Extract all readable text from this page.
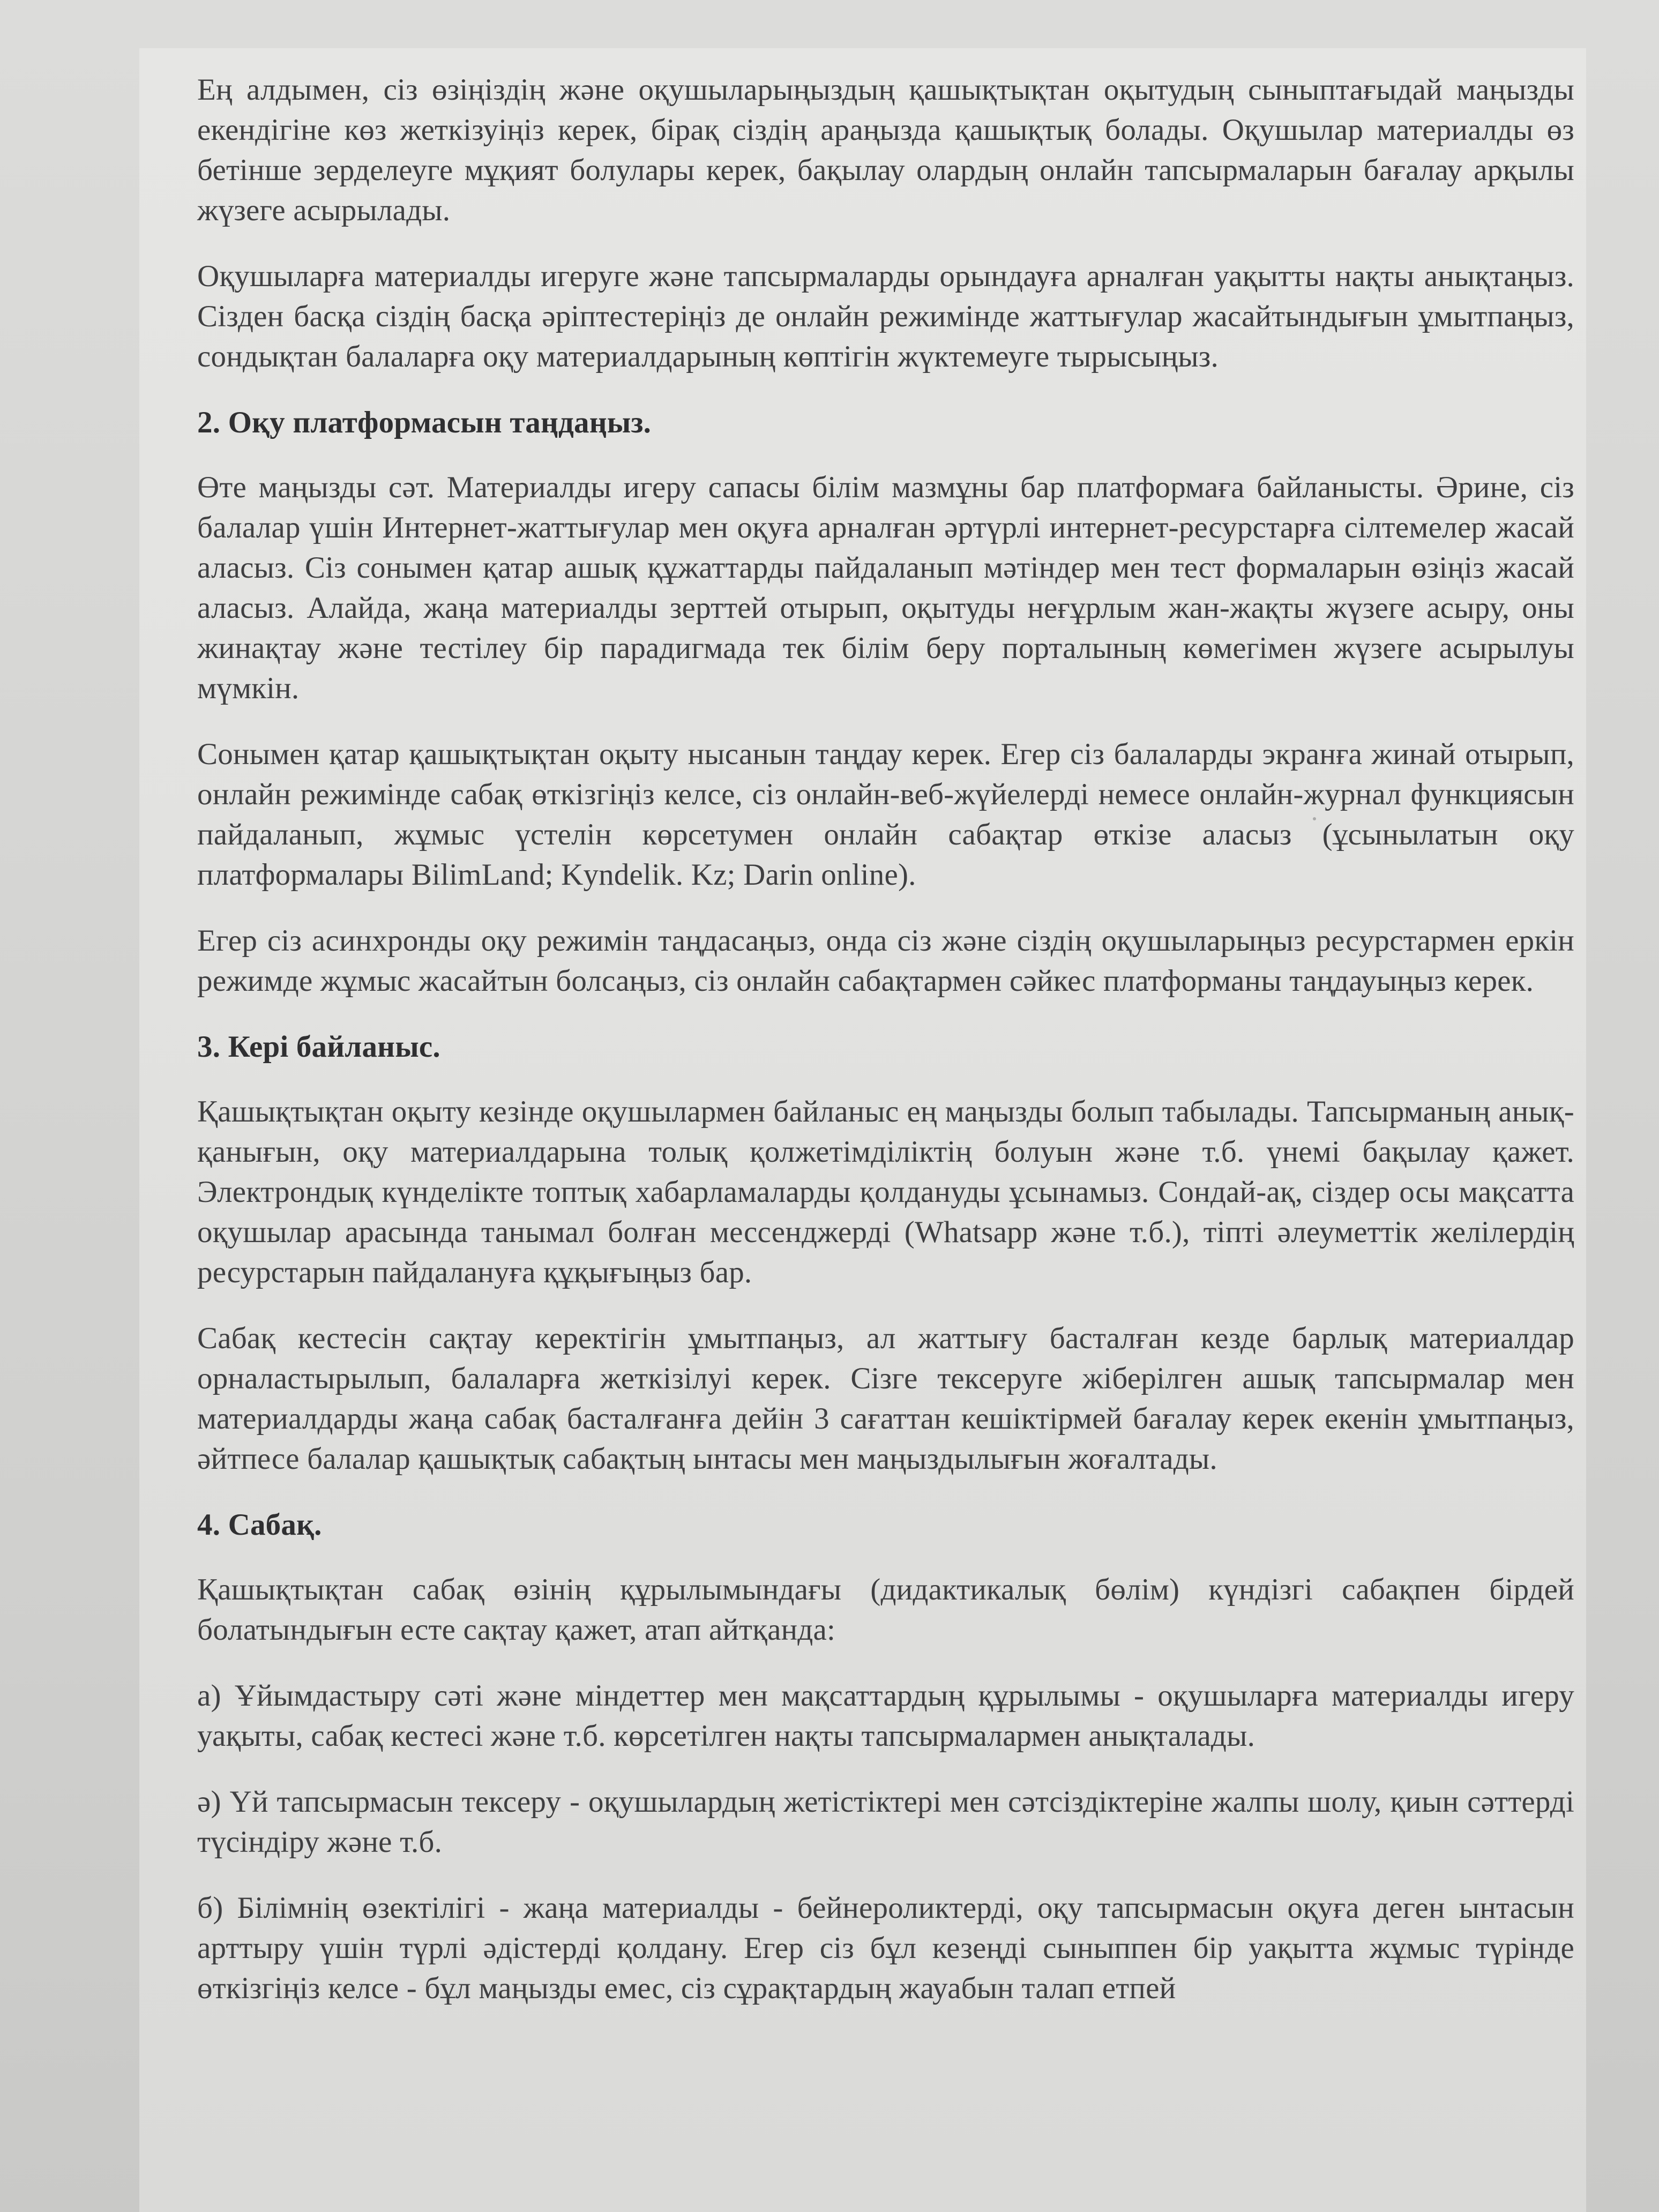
Ең алдымен, сіз өзіңіздің және оқушыларыңыздың қашықтықтан оқытудың сыныптағыдай маңызды екендігіне көз жеткізуіңіз керек, бірақ сіздің араңызда қашықтық болады. Оқушылар материалды өз бетінше зерделеуге мұқият болулары керек, бақылау олардың онлайн тапсырмаларын бағалау арқылы жүзеге асырылады.

Оқушыларға материалды игеруге және тапсырмаларды орындауға арналған уақытты нақты анықтаңыз. Сізден басқа сіздің басқа әріптестеріңіз де онлайн режимінде жаттығулар жасайтындығын ұмытпаңыз, сондықтан балаларға оқу материалдарының көптігін жүктемеуге тырысыңыз.

2. Оқу платформасын таңдаңыз.

Өте маңызды сәт. Материалды игеру сапасы білім мазмұны бар платформаға байланысты. Әрине, сіз балалар үшін Интернет-жаттығулар мен оқуға арналған әртүрлі интернет-ресурстарға сілтемелер жасай аласыз. Сіз сонымен қатар ашық құжаттарды пайдаланып мәтіндер мен тест формаларын өзіңіз жасай аласыз. Алайда, жаңа материалды зерттей отырып, оқытуды неғұрлым жан-жақты жүзеге асыру, оны жинақтау және тестілеу бір парадигмада тек білім беру порталының көмегімен жүзеге асырылуы мүмкін.

Сонымен қатар қашықтықтан оқыту нысанын таңдау керек. Егер сіз балаларды экранға жинай отырып, онлайн режимінде сабақ өткізгіңіз келсе, сіз онлайн-веб-жүйелерді немесе онлайн-журнал функциясын пайдаланып, жұмыс үстелін көрсетумен онлайн сабақтар өткізе аласыз (ұсынылатын оқу платформалары BilimLand; Kyndelik. Kz; Darin online).

Егер сіз асинхронды оқу режимін таңдасаңыз, онда сіз және сіздің оқушыларыңыз ресурстармен еркін режимде жұмыс жасайтын болсаңыз, сіз онлайн сабақтармен сәйкес платформаны таңдауыңыз керек.

3. Кері байланыс.

Қашықтықтан оқыту кезінде оқушылармен байланыс ең маңызды болып табылады. Тапсырманың анық-қанығын, оқу материалдарына толық қолжетімділіктің болуын және т.б. үнемі бақылау қажет. Электрондық күнделікте топтық хабарламаларды қолдануды ұсынамыз. Сондай-ақ, сіздер осы мақсатта оқушылар арасында танымал болған мессенджерді (Whatsapp және т.б.), тіпті әлеуметтік желілердің ресурстарын пайдалануға құқығыңыз бар.

Сабақ кестесін сақтау керектігін ұмытпаңыз, ал жаттығу басталған кезде барлық материалдар орналастырылып, балаларға жеткізілуі керек. Сізге тексеруге жіберілген ашық тапсырмалар мен материалдарды жаңа сабақ басталғанға дейін 3 сағаттан кешіктірмей бағалау керек екенін ұмытпаңыз, әйтпесе балалар қашықтық сабақтың ынтасы мен маңыздылығын жоғалтады.

4. Сабақ.

Қашықтықтан сабақ өзінің құрылымындағы (дидактикалық бөлім) күндізгі сабақпен бірдей болатындығын есте сақтау қажет, атап айтқанда:

а) Ұйымдастыру сәті және міндеттер мен мақсаттардың құрылымы - оқушыларға материалды игеру уақыты, сабақ кестесі және т.б. көрсетілген нақты тапсырмалармен анықталады.

ә) Үй тапсырмасын тексеру - оқушылардың жетістіктері мен сәтсіздіктеріне жалпы шолу, қиын сәттерді түсіндіру және т.б.

б) Білімнің өзектілігі - жаңа материалды - бейнероликтерді, оқу тапсырмасын оқуға деген ынтасын арттыру үшін түрлі әдістерді қолдану. Егер сіз бұл кезеңді сыныппен бір уақытта жұмыс түрінде өткізгіңіз келсе - бұл маңызды емес, сіз сұрақтардың жауабын талап етпей
